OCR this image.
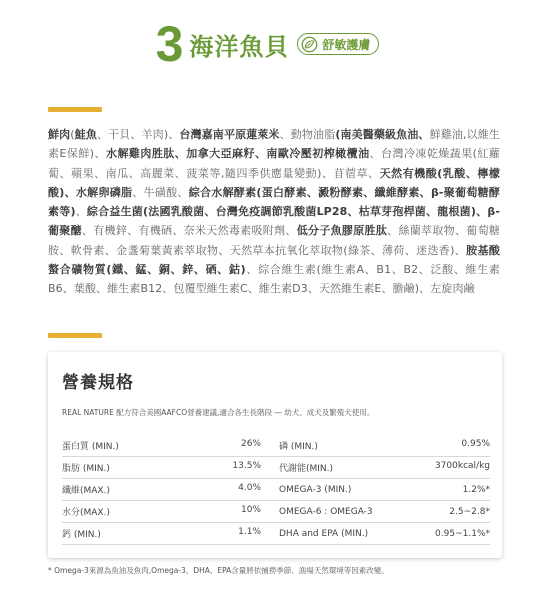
3 海洋魚貝	舒敏護膚
鮮肉(鮭魚、干貝、羊肉)、台灣嘉南平原蓮萊米、動物油脂(南美醫藥級魚油、鮮雞油,以維生素E保鮮)、水解雞肉胜肽、加拿大亞麻籽、南歐冷壓初榨橄欖油、台灣冷凍乾燥蔬果(紅蘿蔔、蘋果、南瓜、高麗菜、菠菜等,隨四季供應量變動)、苜蓿草、天然有機酸(乳酸、檸檬酸)、水解卵磷脂、牛磺酸、綜合水解酵素(蛋白酵素、澱粉酵素、纖維酵素、β-聚葡萄糖酵素等)、綜合益生菌(法國乳酸菌、台灣免疫調節乳酸菌LP28、枯草芽孢桿菌、龍根菌)、β-葡聚醣、有機鋅、有機硒、奈米天然毒素吸附劑、低分子魚膠原胜肽、絲蘭萃取物、葡萄糖胺、軟骨素、金盞菊葉黃素萃取物、天然草本抗氧化萃取物(綠茶、薄荷、迷迭香)、胺基酸螯合礦物質(鐵、錳、銅、鋅、硒、鈷)、綜合維生素(維生素A、B1、B2、泛酸、維生素B6、葉酸、維生素B12、包覆型維生素C、維生素D3、天然維生素E、膽鹼)、左旋肉鹼
營養規格
REAL NATURE 配方符合美國AAFCO營養建議,適合各生長階段 — 幼犬、成犬及繁殖犬使用。
蛋白質 (MIN.)	26% 磷 (MIN.)	0.95%
脂肪 (MIN.)	13.5% 代謝能(MIN.)	3700kcal/kg
纖維(MAX.)	4.0% OMEGA-3 (MIN.)	1.2%*
水分(MAX.)	10% OMEGA-6 : OMEGA-3	2.5~2.8*
鈣 (MIN.)	1.1% DHA and EPA (MIN.)	0.95~1.1%*
* Omega-3來源為魚油及魚肉,Omega-3、DHA、EPA含量將依捕撈季節、漁場天然環境等因素改變。
